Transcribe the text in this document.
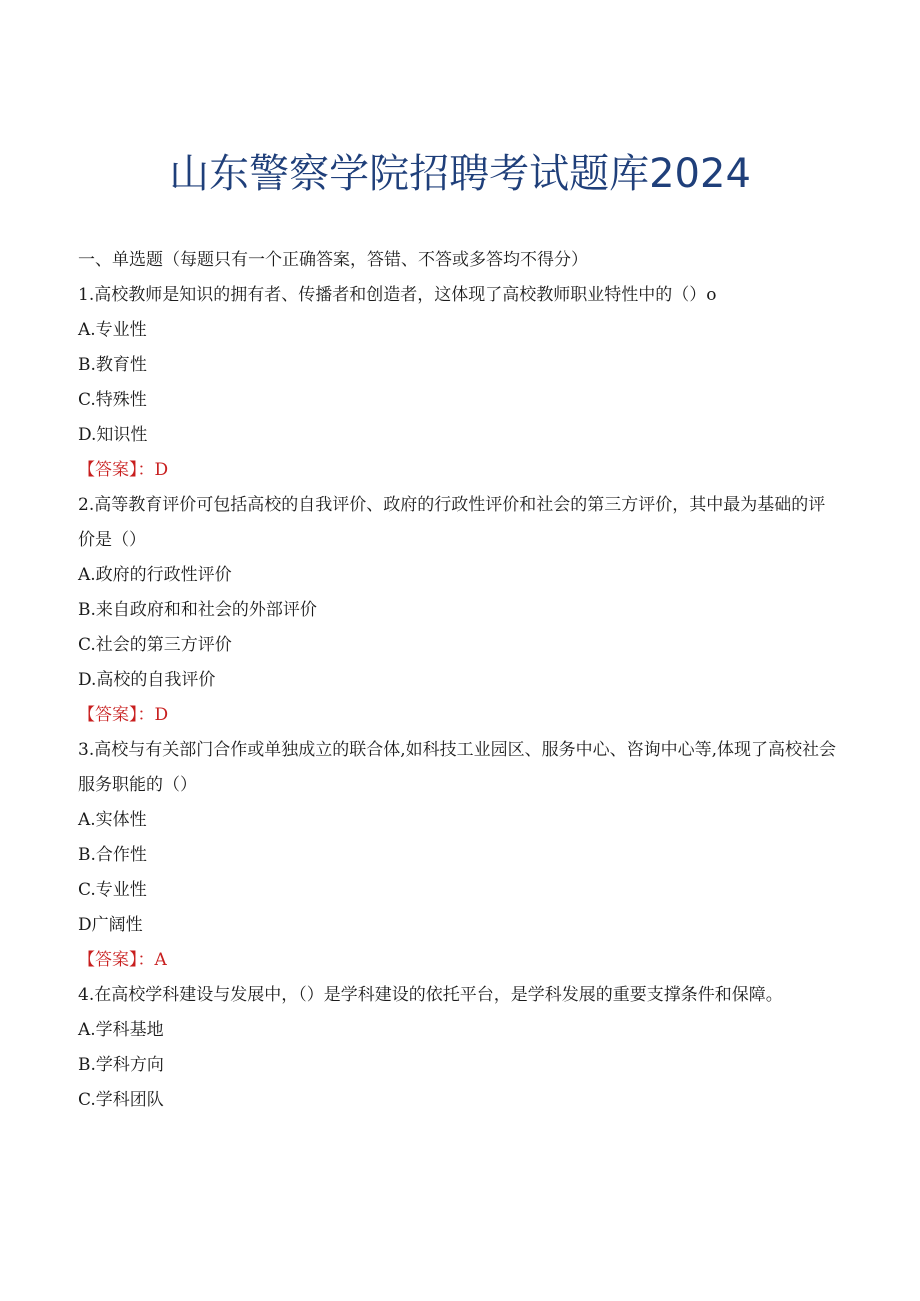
山东警察学院招聘考试题库2024
一、单选题（每题只有一个正确答案，答错、不答或多答均不得分）
1.高校教师是知识的拥有者、传播者和创造者，这体现了高校教师职业特性中的（）o
A.专业性
B.教育性
C.特殊性
D.知识性
【答案】：D
2.高等教育评价可包括高校的自我评价、政府的行政性评价和社会的第三方评价，其中最为基础的评价是（）
A.政府的行政性评价
B.来自政府和和社会的外部评价
C.社会的第三方评价
D.高校的自我评价
【答案】：D
3.高校与有关部门合作或单独成立的联合体,如科技工业园区、服务中心、咨询中心等,体现了高校社会服务职能的（）
A.实体性
B.合作性
C.专业性
D广阔性
【答案】：A
4.在高校学科建设与发展中，（）是学科建设的依托平台，是学科发展的重要支撑条件和保障。
A.学科基地
B.学科方向
C.学科团队
